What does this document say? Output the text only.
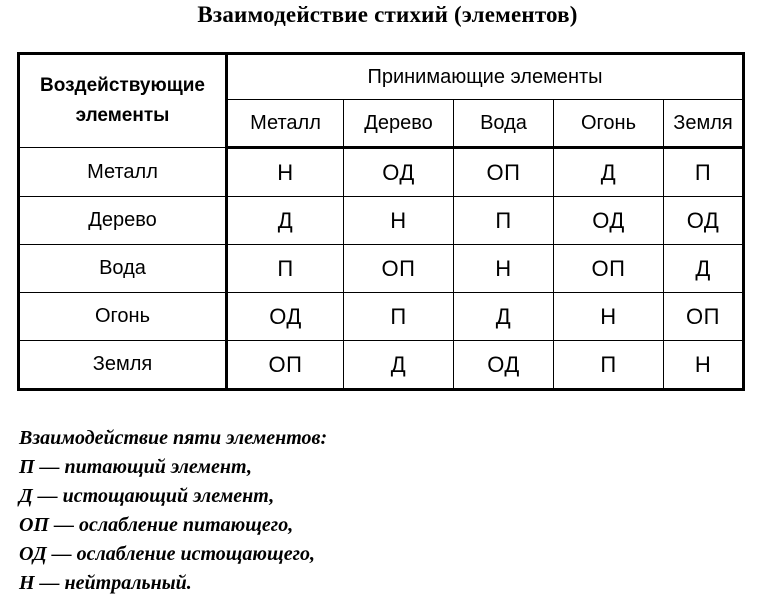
Взаимодействие стихий (элементов)
Воздействующие элементы	Принимающие элементы				
	Металл	Дерево	Вода	Огонь	Земля
Металл	Н	ОД	ОП	Д	П
Дерево	Д	Н	П	ОД	ОД
Вода	П	ОП	Н	ОП	Д
Огонь	ОД	П	Д	Н	ОП
Земля	ОП	Д	ОД	П	Н
Взаимодействие пяти элементов:
П — питающий элемент,
Д — истощающий элемент,
ОП — ослабление питающего,
ОД — ослабление истощающего,
Н — нейтральный.
